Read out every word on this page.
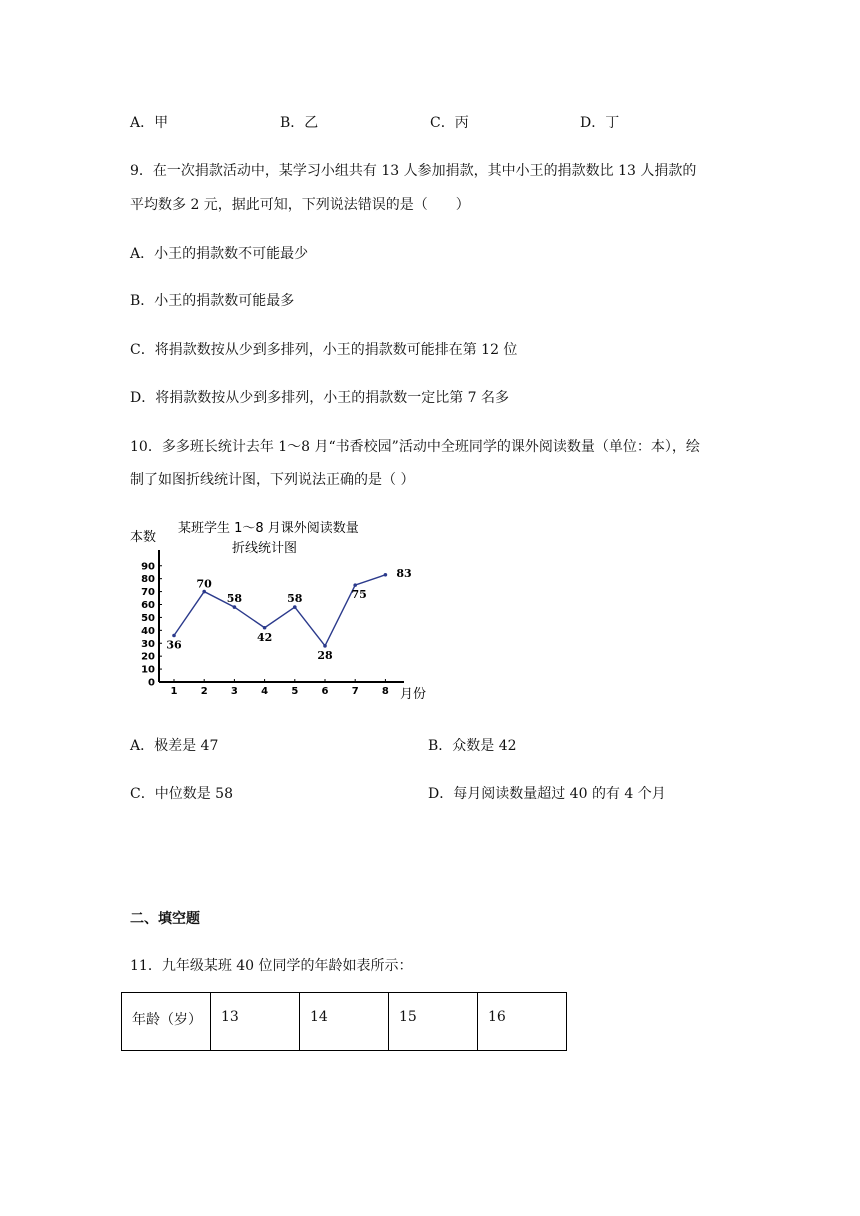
A．甲	B．乙	C．丙	D．丁
9．在一次捐款活动中，某学习小组共有 13 人参加捐款，其中小王的捐款数比 13 人捐款的
平均数多 2 元，据此可知，下列说法错误的是（　　）
A．小王的捐款数不可能最少
B．小王的捐款数可能最多
C．将捐款数按从少到多排列，小王的捐款数可能排在第 12 位
D．将捐款数按从少到多排列，小王的捐款数一定比第 7 名多
10．多多班长统计去年 1～8 月“书香校园”活动中全班同学的课外阅读数量（单位：本），绘
制了如图折线统计图，下列说法正确的是（ ）
某班学生 1～8 月课外阅读数量
折线统计图
本数
月份
0
10
20
30
40
50
60
70
80
90
1 2 3 4 5 6 7 8
36
70
58
42
58
28
75
83
A．极差是 47	B．众数是 42
C．中位数是 58	D．每月阅读数量超过 40 的有 4 个月
二、填空题
11．九年级某班 40 位同学的年龄如表所示：
年龄（岁）	13	14	15	16
